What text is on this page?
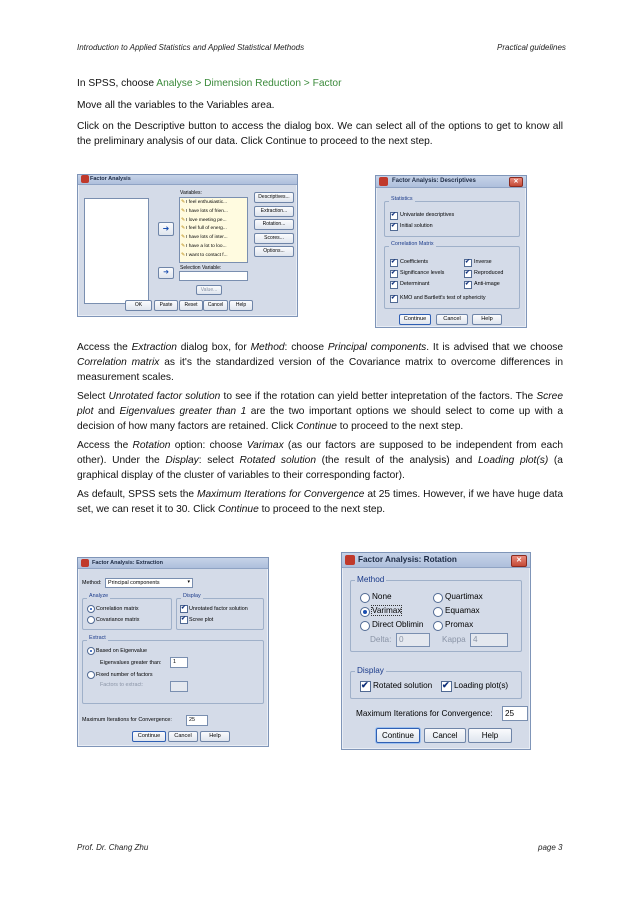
Introduction to Applied Statistics and Applied Statistical Methods	Practical guidelines
In SPSS, choose Analyse > Dimension Reduction > Factor
Move all the variables to the Variables area.
Click on the Descriptive button to access the dialog box. We can select all of the options to get to know all the preliminary analysis of our data. Click Continue to proceed to the next step.
Factor Analysis
➜
➜
Variables:
✎I feel enthusiastic...
✎I have lots of frien...
✎I love meeting pe...
✎I feel full of energ...
✎I have lots of inter...
✎I have a lot to loo...
✎I want to contact f...
Selection Variable:
Value...
Descriptives...
Extraction...
Rotation...
Scores...
Options...
OK	Paste	Reset	Cancel	Help
Factor Analysis: Descriptives	✕
Statistics
✔
Univariate descriptives
✔
Initial solution
Correlation Matrix
✔
Coefficients
✔
Significance levels
✔
Determinant
✔
Inverse
✔
Reproduced
✔
Anti-image
✔
KMO and Bartlett's test of sphericity
Continue	Cancel	Help
Access the Extraction dialog box, for Method: choose Principal components. It is advised that we choose Correlation matrix as it's the standardized version of the Covariance matrix to overcome differences in measurement scales.
Select Unrotated factor solution to see if the rotation can yield better intepretation of the factors. The Scree plot and Eigenvalues greater than 1 are the two important options we should select to come up with a decision of how many factors are retained. Click Continue to proceed to the next step.
Access the Rotation option: choose Varimax (as our factors are supposed to be independent from each other). Under the Display: select Rotated solution (the result of the analysis) and Loading plot(s) (a graphical display of the cluster of variables to their corresponding factor).
As default, SPSS sets the Maximum Iterations for Convergence at 25 times. However, if we have huge data set, we can reset it to 30. Click Continue to proceed to the next step.
Factor Analysis: Extraction
Method: Principal components	▾
Analyze
Correlation matrix
Covariance matrix
Display
✔
Unrotated factor solution
✔
Scree plot
Extract
Based on Eigenvalue
Eigenvalues greater than: 1
Fixed number of factors
Factors to extract:
Maximum Iterations for Convergence:	25
Continue	Cancel	Help
Factor Analysis: Rotation	✕
Method
None
Varimax
Direct Oblimin
Quartimax
Equamax
Promax
Delta: 0	Kappa 4
Display
✔
Rotated solution
✔	Loading plot(s)
Maximum Iterations for Convergence: 25
Continue	Cancel	Help
Prof. Dr. Chang Zhu	page 3
